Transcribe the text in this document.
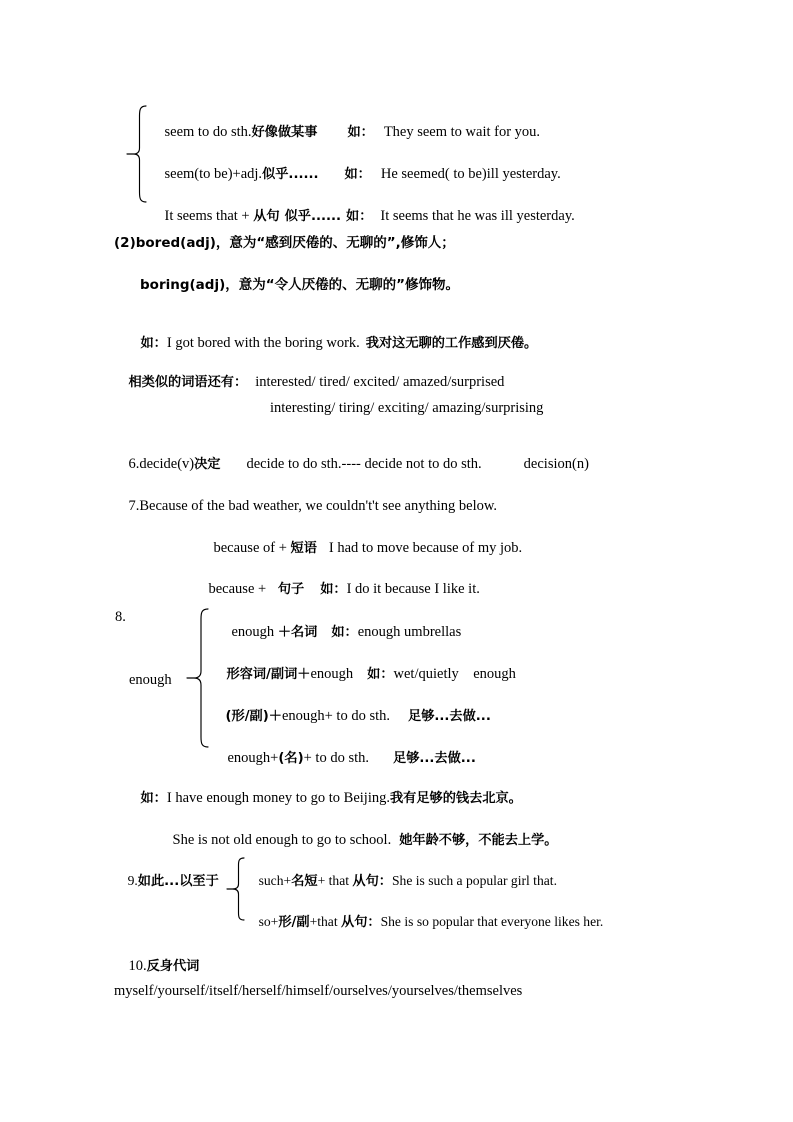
seem to do sth.好像做某事 如： They seem to wait for you.

seem(to be)+adj.似乎...... 如： He seemed( to be)ill yesterday.

It seems that + 从句 似乎...... 如： It seems that he was ill yesterday.

(2)bored(adj)，意为“感到厌倦的、无聊的”,修饰人；
boring(adj)，意为“令人厌倦的、无聊的”修饰物。

如：I got bored with the boring work. 我对这无聊的工作感到厌倦。

相类似的词语还有： interested/ tired/ excited/ amazed/surprised

interesting/ tiring/ exciting/ amazing/surprising

6.decide(v)决定 decide to do sth.---- decide not to do sth.	decision(n)

7.Because of the bad weather, we couldn't't see anything below.

because of + 短语 I had to move because of my job.

because + 句子 如：I do it because I like it.

8.
enough

enough ＋名词 如：enough umbrellas

形容词/副词＋enough 如：wet/quietly    enough

(形/副)＋enough+ to do sth. 足够...去做...

enough+(名)+ to do sth. 足够...去做...

如：I have enough money to go to Beijing.我有足够的钱去北京。

She is not old enough to go to school. 她年龄不够，不能去上学。

9.如此...以至于
	such+名短+ that 从句：She is such a popular girl that.

so+形/副+that 从句：She is so popular that everyone likes her.

10.反身代词

myself/yourself/itself/herself/himself/ourselves/yourselves/themselves
